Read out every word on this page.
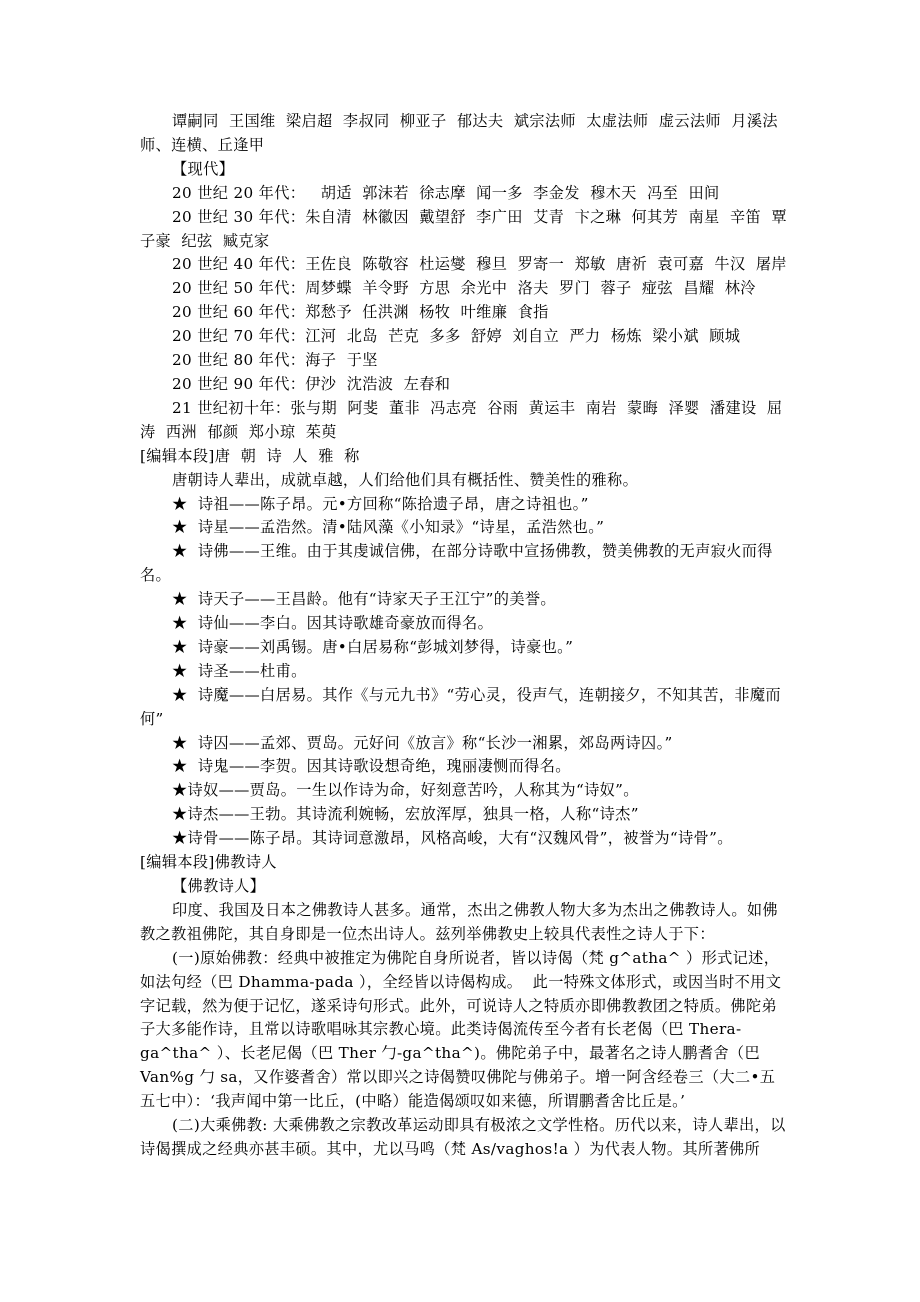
谭嗣同  王国维  梁启超  李叔同  柳亚子  郁达夫  斌宗法师  太虚法师  虚云法师  月溪法师、连横、丘逢甲

【现代】

20 世纪 20 年代：   胡适  郭沫若  徐志摩  闻一多  李金发  穆木天  冯至  田间

20 世纪 30 年代：朱自清  林徽因  戴望舒  李广田  艾青  卞之琳  何其芳  南星  辛笛  覃子豪  纪弦  臧克家

20 世纪 40 年代：王佐良  陈敬容  杜运燮  穆旦  罗寄一  郑敏  唐祈  袁可嘉  牛汉  屠岸

20 世纪 50 年代：周梦蝶  羊令野  方思  余光中  洛夫  罗门  蓉子  痖弦  昌耀  林泠

20 世纪 60 年代：郑愁予  任洪渊  杨牧  叶维廉  食指

20 世纪 70 年代：江河  北岛  芒克  多多  舒婷  刘自立  严力  杨炼  梁小斌  顾城

20 世纪 80 年代：海子  于坚

20 世纪 90 年代：伊沙  沈浩波  左春和

21 世纪初十年：张与期  阿斐  董非  冯志亮  谷雨  黄运丰  南岩  蒙晦  泽婴  潘建设  屈涛  西洲  郁颜  郑小琼  茱萸

[编辑本段]唐  朝  诗  人  雅  称

唐朝诗人辈出，成就卓越，人们给他们具有概括性、赞美性的雅称。

★  诗祖——陈子昂。元•方回称“陈拾遗子昂，唐之诗祖也。”

★  诗星——孟浩然。清•陆风藻《小知录》“诗星，孟浩然也。”

★  诗佛——王维。由于其虔诚信佛，在部分诗歌中宣扬佛教，赞美佛教的无声寂火而得名。

★  诗天子——王昌龄。他有“诗家天子王江宁”的美誉。

★  诗仙——李白。因其诗歌雄奇豪放而得名。

★  诗豪——刘禹锡。唐•白居易称“彭城刘梦得，诗豪也。”

★  诗圣——杜甫。

★  诗魔——白居易。其作《与元九书》“劳心灵，役声气，连朝接夕，不知其苦，非魔而何”

★  诗囚——孟郊、贾岛。元好问《放言》称“长沙一湘累，郊岛两诗囚。”

★  诗鬼——李贺。因其诗歌设想奇绝，瑰丽凄恻而得名。

★诗奴——贾岛。一生以作诗为命，好刻意苦吟，人称其为“诗奴”。

★诗杰——王勃。其诗流利婉畅，宏放浑厚，独具一格，人称“诗杰”

★诗骨——陈子昂。其诗词意激昂，风格高峻，大有“汉魏风骨”，被誉为“诗骨”。

[编辑本段]佛教诗人

【佛教诗人】

印度、我国及日本之佛教诗人甚多。通常，杰出之佛教人物大多为杰出之佛教诗人。如佛教之教祖佛陀，其自身即是一位杰出诗人。兹列举佛教史上较具代表性之诗人于下：

(一)原始佛教：经典中被推定为佛陀自身所说者，皆以诗偈（梵 g^atha^ ）形式记述，如法句经（巴 Dhamma-pada ），全经皆以诗偈构成。  此一特殊文体形式，或因当时不用文字记载，然为便于记忆，遂采诗句形式。此外，可说诗人之特质亦即佛教教团之特质。佛陀弟子大多能作诗，且常以诗歌唱咏其宗教心境。此类诗偈流传至今者有长老偈（巴 Thera-ga^tha^ ）、长老尼偈（巴 Ther 勹-ga^tha^)。佛陀弟子中，最著名之诗人鹏耆舍（巴 Van%g 勹 sa，又作婆耆舍）常以即兴之诗偈赞叹佛陀与佛弟子。增一阿含经卷三（大二•五五七中）：‘我声闻中第一比丘，(中略）能造偈颂叹如来德，所谓鹏耆舍比丘是。’

(二)大乘佛教: 大乘佛教之宗教改革运动即具有极浓之文学性格。历代以来，诗人辈出，以诗偈撰成之经典亦甚丰硕。其中，尤以马鸣（梵 As/vaghos!a ）为代表人物。其所著佛所
